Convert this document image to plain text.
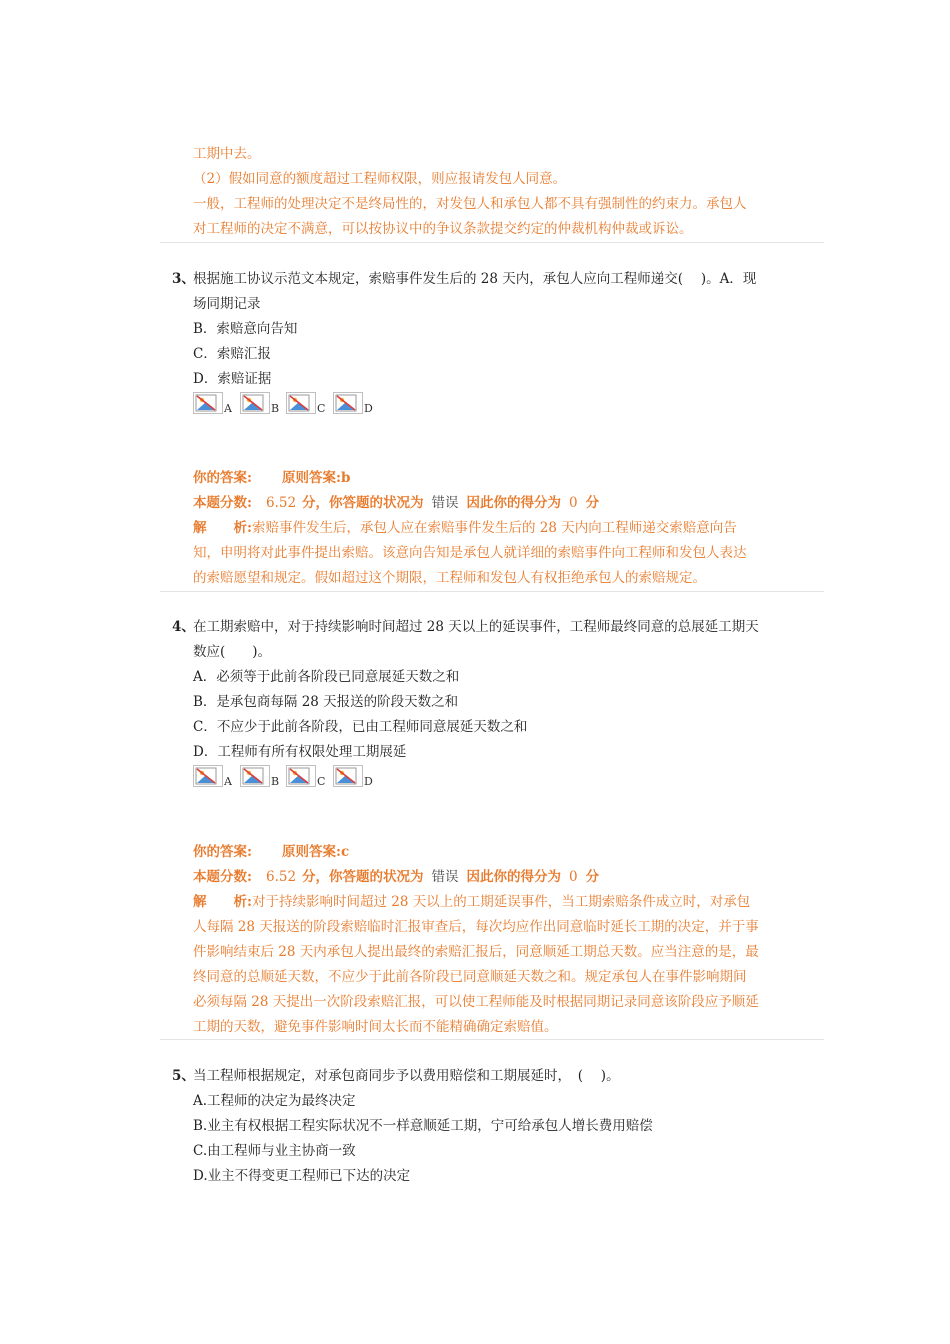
工期中去。
（2）假如同意的额度超过工程师权限，则应报请发包人同意。
一般，工程师的处理决定不是终局性的，对发包人和承包人都不具有强制性的约束力。承包人
对工程师的决定不满意，可以按协议中的争议条款提交约定的仲裁机构仲裁或诉讼。
3、
根据施工协议示范文本规定，索赔事件发生后的 28 天内，承包人应向工程师递交(　 )。A．现
场同期记录
B．索赔意向告知
C．索赔汇报
D．索赔证据
A	B	C	D
你的答案: 原则答案:b
本题分数: 6.52 分，你答题的状况为 错误 因此你的得分为 0 分
解　　析:索赔事件发生后，承包人应在索赔事件发生后的 28 天内向工程师递交索赔意向告
知，申明将对此事件提出索赔。该意向告知是承包人就详细的索赔事件向工程师和发包人表达
的索赔愿望和规定。假如超过这个期限，工程师和发包人有权拒绝承包人的索赔规定。
4、
在工期索赔中，对于持续影响时间超过 28 天以上的延误事件，工程师最终同意的总展延工期天
数应(　　)。
A．必须等于此前各阶段已同意展延天数之和
B．是承包商每隔 28 天报送的阶段天数之和
C．不应少于此前各阶段，已由工程师同意展延天数之和
D．工程师有所有权限处理工期展延
A	B	C	D
你的答案: 原则答案:c
本题分数: 6.52 分，你答题的状况为 错误 因此你的得分为 0 分
解　　析:对于持续影响时间超过 28 天以上的工期延误事件，当工期索赔条件成立时，对承包
人每隔 28 天报送的阶段索赔临时汇报审查后，每次均应作出同意临时延长工期的决定，并于事
件影响结束后 28 天内承包人提出最终的索赔汇报后，同意顺延工期总天数。应当注意的是，最
终同意的总顺延天数，不应少于此前各阶段已同意顺延天数之和。规定承包人在事件影响期间
必须每隔 28 天提出一次阶段索赔汇报，可以使工程师能及时根据同期记录同意该阶段应予顺延
工期的天数，避免事件影响时间太长而不能精确确定索赔值。
5、
当工程师根据规定，对承包商同步予以费用赔偿和工期展延时，　(　 )。
A.工程师的决定为最终决定
B.业主有权根据工程实际状况不一样意顺延工期，宁可给承包人增长费用赔偿
C.由工程师与业主协商一致
D.业主不得变更工程师已下达的决定
